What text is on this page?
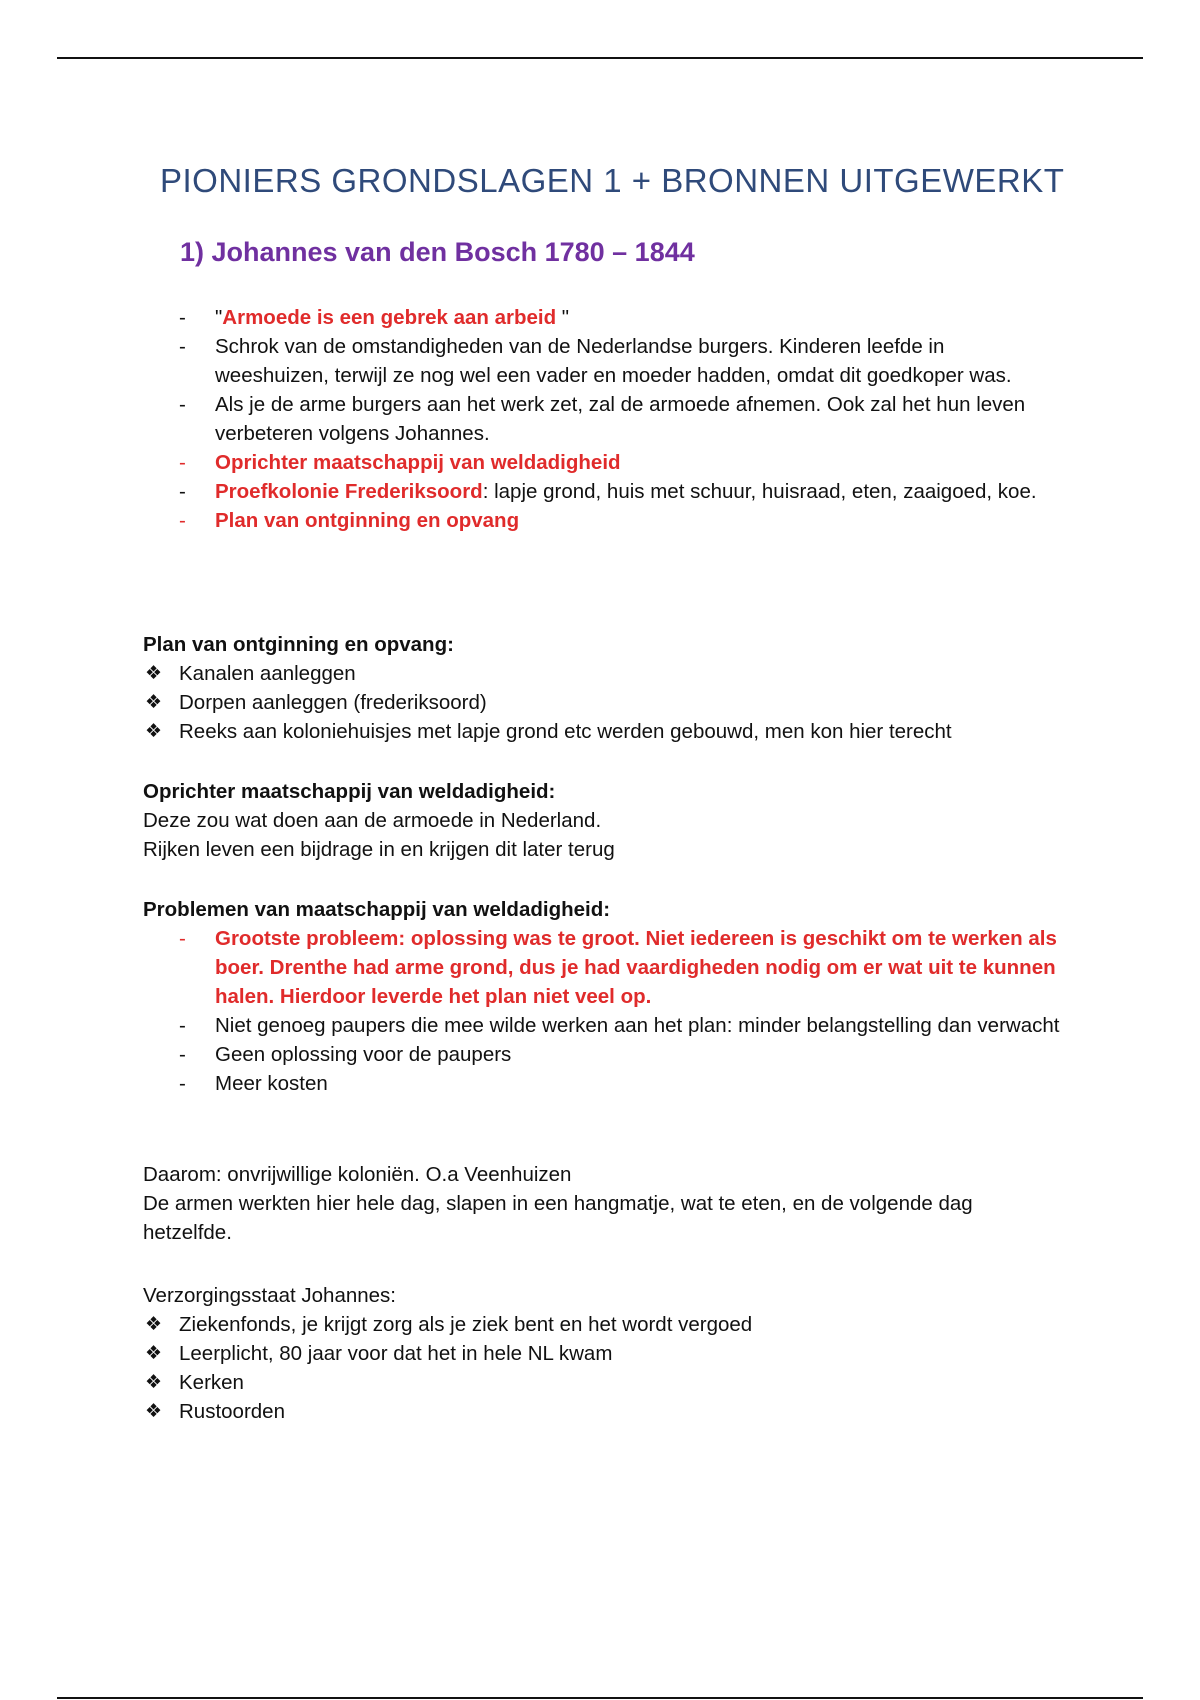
PIONIERS GRONDSLAGEN 1 + BRONNEN UITGEWERKT
1) Johannes van den Bosch 1780 – 1844
- "Armoede is een gebrek aan arbeid "
- Schrok van de omstandigheden van de Nederlandse burgers. Kinderen leefde in weeshuizen, terwijl ze nog wel een vader en moeder hadden, omdat dit goedkoper was.
- Als je de arme burgers aan het werk zet, zal de armoede afnemen. Ook zal het hun leven verbeteren volgens Johannes.
- Oprichter maatschappij van weldadigheid
- Proefkolonie Frederiksoord: lapje grond, huis met schuur, huisraad, eten, zaaigoed, koe.
- Plan van ontginning en opvang

Plan van ontginning en opvang:

❖ Kanalen aanleggen
❖ Dorpen aanleggen (frederiksoord)
❖ Reeks aan koloniehuisjes met lapje grond etc werden gebouwd, men kon hier terecht

Oprichter maatschappij van weldadigheid:

Deze zou wat doen aan de armoede in Nederland.

Rijken leven een bijdrage in en krijgen dit later terug

Problemen van maatschappij van weldadigheid:

- Grootste probleem: oplossing was te groot. Niet iedereen is geschikt om te werken als boer. Drenthe had arme grond, dus je had vaardigheden nodig om er wat uit te kunnen halen. Hierdoor leverde het plan niet veel op.
- Niet genoeg paupers die mee wilde werken aan het plan: minder belangstelling dan verwacht
- Geen oplossing voor de paupers
- Meer kosten

Daarom: onvrijwillige koloniën. O.a Veenhuizen

De armen werkten hier hele dag, slapen in een hangmatje, wat te eten, en de volgende dag hetzelfde.

Verzorgingsstaat Johannes:

❖ Ziekenfonds, je krijgt zorg als je ziek bent en het wordt vergoed
❖ Leerplicht, 80 jaar voor dat het in hele NL kwam
❖ Kerken
❖ Rustoorden
